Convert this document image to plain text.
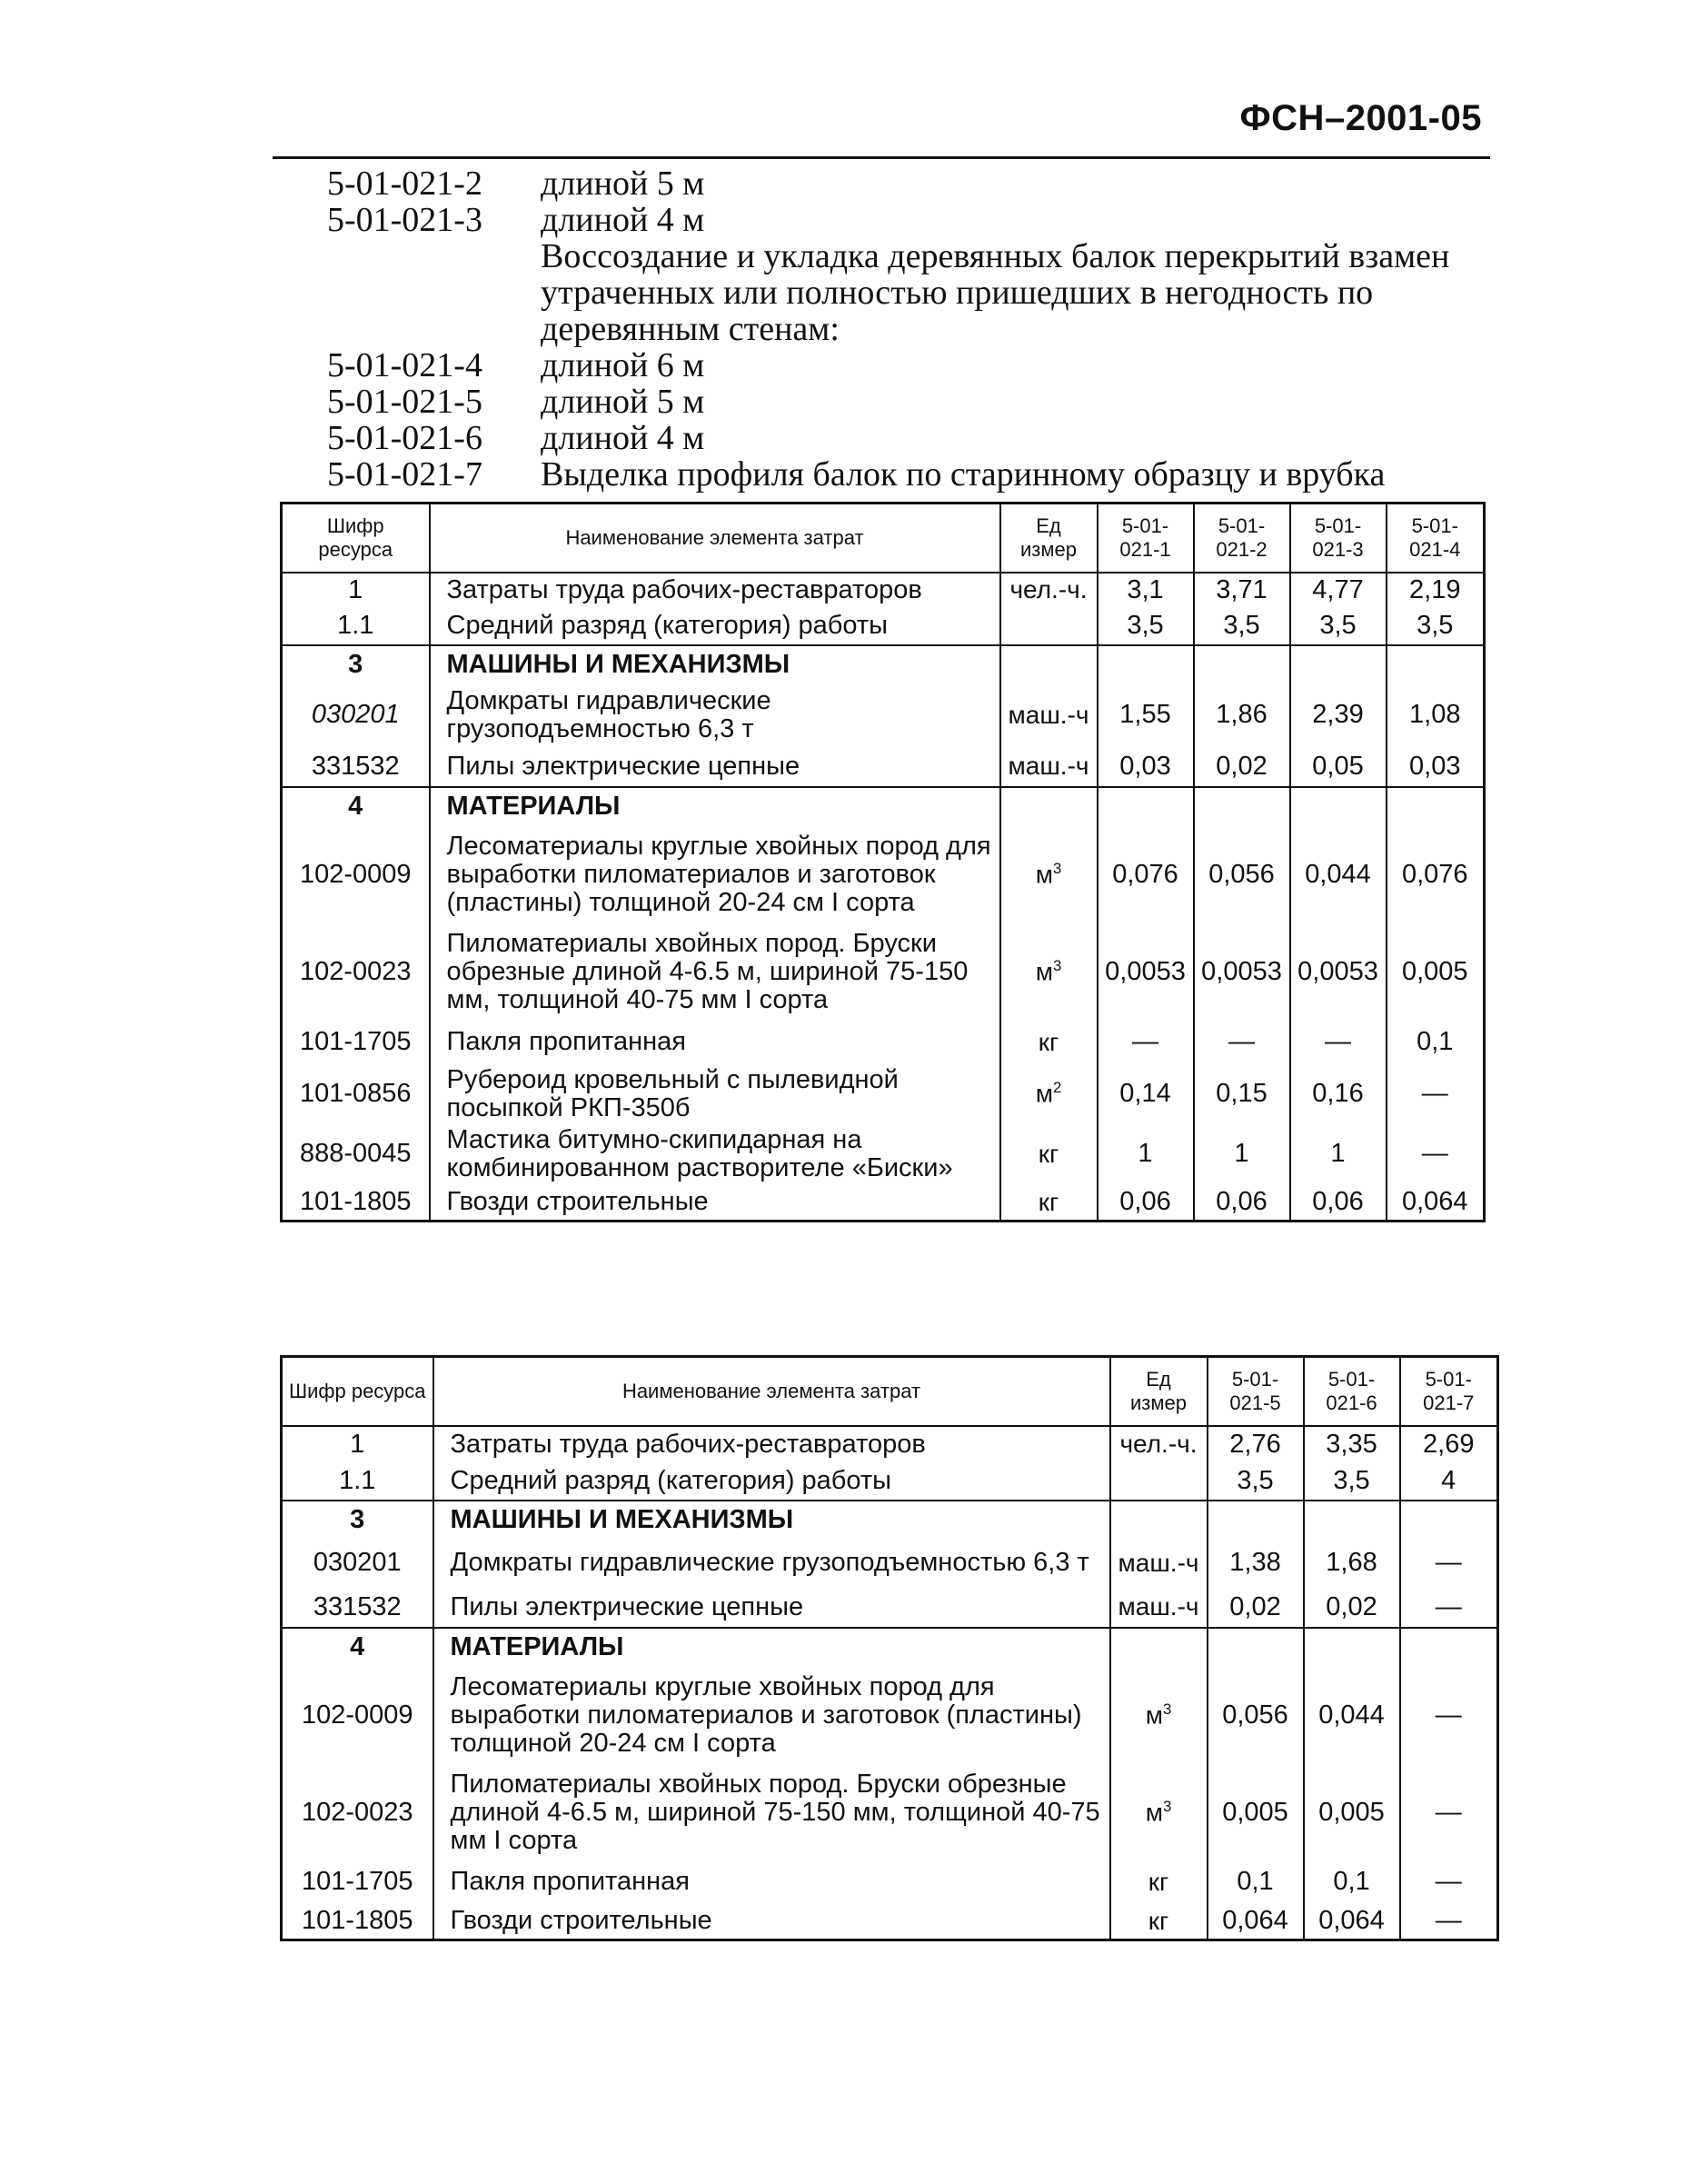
ФСН–2001-05
5-01-021-2	длиной 5 м
5-01-021-3	длиной 4 м
Воссоздание и укладка деревянных балок перекрытий взамен утраченных или полностью пришедших в негодность по деревянным стенам:
5-01-021-4	длиной 6 м
5-01-021-5	длиной 5 м
5-01-021-6	длиной 4 м
5-01-021-7	Выделка профиля балок по старинному образцу и врубка
Шифр ресурса	Наименование элемента затрат	Ед измер	5-01-021-1	5-01-021-2	5-01-021-3	5-01-021-4
1	Затраты труда рабочих-реставраторов	чел.-ч.	3,1	3,71	4,77	2,19
1.1	Средний разряд (категория) работы		3,5	3,5	3,5	3,5
3	МАШИНЫ И МЕХАНИЗМЫ					
030201	Домкраты гидравлические грузоподъемностью 6,3 т	маш.-ч	1,55	1,86	2,39	1,08
331532	Пилы электрические цепные	маш.-ч	0,03	0,02	0,05	0,03
4	МАТЕРИАЛЫ					
102-0009	Лесоматериалы круглые хвойных пород для выработки пиломатериалов и заготовок (пластины) толщиной 20-24 см I сорта	$м^3$	0,076	0,056	0,044	0,076
102-0023	Пиломатериалы хвойных пород. Бруски обрезные длиной 4-6.5 м, шириной 75-150 мм, толщиной 40-75 мм I сорта	$м^3$	0,0053	0,0053	0,0053	0,005
101-1705	Пакля пропитанная	кг	—	—	—	0,1
101-0856	Рубероид кровельный с пылевидной посыпкой РКП-350б	$м^2$	0,14	0,15	0,16	—
888-0045	Мастика битумно-скипидарная на комбинированном растворителе «Биски»	кг	1	1	1	—
101-1805	Гвозди строительные	кг	0,06	0,06	0,06	0,064
Шифр ресурса	Наименование элемента затрат	Ед измер	5-01-021-5	5-01-021-6	5-01-021-7
1	Затраты труда рабочих-реставраторов	чел.-ч.	2,76	3,35	2,69
1.1	Средний разряд (категория) работы		3,5	3,5	4
3	МАШИНЫ И МЕХАНИЗМЫ				
030201	Домкраты гидравлические грузоподъемностью 6,3 т	маш.-ч	1,38	1,68	—
331532	Пилы электрические цепные	маш.-ч	0,02	0,02	—
4	МАТЕРИАЛЫ				
102-0009	Лесоматериалы круглые хвойных пород для выработки пиломатериалов и заготовок (пластины) толщиной 20-24 см I сорта	$м^3$	0,056	0,044	—
102-0023	Пиломатериалы хвойных пород. Бруски обрезные длиной 4-6.5 м, шириной 75-150 мм, толщиной 40-75 мм I сорта	$м^3$	0,005	0,005	—
101-1705	Пакля пропитанная	кг	0,1	0,1	—
101-1805	Гвозди строительные	кг	0,064	0,064	—
